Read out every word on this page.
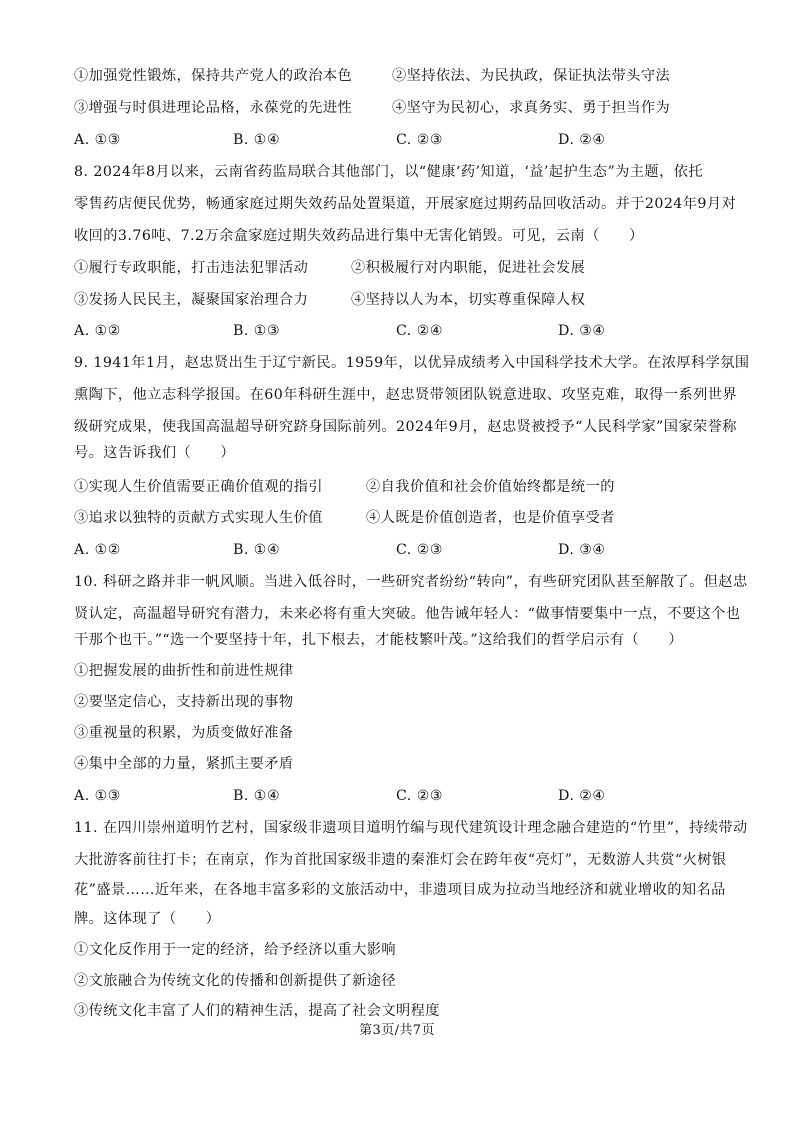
①加强党性锻炼，保持共产党人的政治本色	②坚持依法、为民执政，保证执法带头守法
③增强与时俱进理论品格，永葆党的先进性	④坚守为民初心，求真务实、勇于担当作为
A. ①③	B. ①④	C. ②③	D. ②④
8. 2024年8月以来，云南省药监局联合其他部门，以“健康‘药’知道，‘益’起护生态”为主题，依托
零售药店便民优势，畅通家庭过期失效药品处置渠道，开展家庭过期药品回收活动。并于2024年9月对
收回的3.76吨、7.2万余盒家庭过期失效药品进行集中无害化销毁。可见，云南（　　）
①履行专政职能，打击违法犯罪活动	②积极履行对内职能，促进社会发展
③发扬人民民主，凝聚国家治理合力	④坚持以人为本，切实尊重保障人权
A. ①②	B. ①③	C. ②④	D. ③④
9. 1941年1月，赵忠贤出生于辽宁新民。1959年，以优异成绩考入中国科学技术大学。在浓厚科学氛围
熏陶下，他立志科学报国。在60年科研生涯中，赵忠贤带领团队锐意进取、攻坚克难，取得一系列世界
级研究成果，使我国高温超导研究跻身国际前列。2024年9月，赵忠贤被授予“人民科学家”国家荣誉称
号。这告诉我们（　　）
①实现人生价值需要正确价值观的指引	②自我价值和社会价值始终都是统一的
③追求以独特的贡献方式实现人生价值	④人既是价值创造者，也是价值享受者
A. ①②	B. ①④	C. ②③	D. ③④
10. 科研之路并非一帆风顺。当进入低谷时，一些研究者纷纷“转向”，有些研究团队甚至解散了。但赵忠
贤认定，高温超导研究有潜力，未来必将有重大突破。他告诫年轻人：“做事情要集中一点，不要这个也
干那个也干。”“选一个要坚持十年，扎下根去，才能枝繁叶茂。”这给我们的哲学启示有（　　）
①把握发展的曲折性和前进性规律
②要坚定信心，支持新出现的事物
③重视量的积累，为质变做好准备
④集中全部的力量，紧抓主要矛盾
A. ①③	B. ①④	C. ②③	D. ②④
11. 在四川崇州道明竹艺村，国家级非遗项目道明竹编与现代建筑设计理念融合建造的“竹里”，持续带动
大批游客前往打卡；在南京，作为首批国家级非遗的秦淮灯会在跨年夜“亮灯”，无数游人共赏“火树银
花”盛景……近年来，在各地丰富多彩的文旅活动中，非遗项目成为拉动当地经济和就业增收的知名品
牌。这体现了（　　）
①文化反作用于一定的经济，给予经济以重大影响
②文旅融合为传统文化的传播和创新提供了新途径
③传统文化丰富了人们的精神生活，提高了社会文明程度
第3页/共7页
